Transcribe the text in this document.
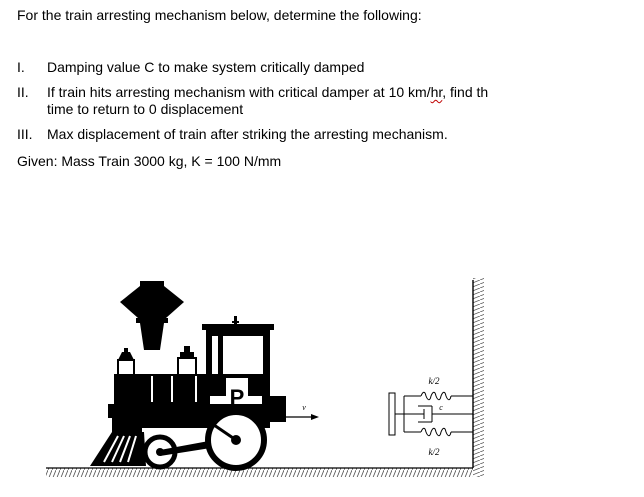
For the train arresting mechanism below, determine the following:
I. Damping value C to make system critically damped
II. If train hits arresting mechanism with critical damper at 10 km/hr, find th
time to return to 0 displacement
III. Max displacement of train after striking the arresting mechanism.
Given: Mass Train 3000 kg, K = 100 N/mm
P	v
k/2
c
k/2
